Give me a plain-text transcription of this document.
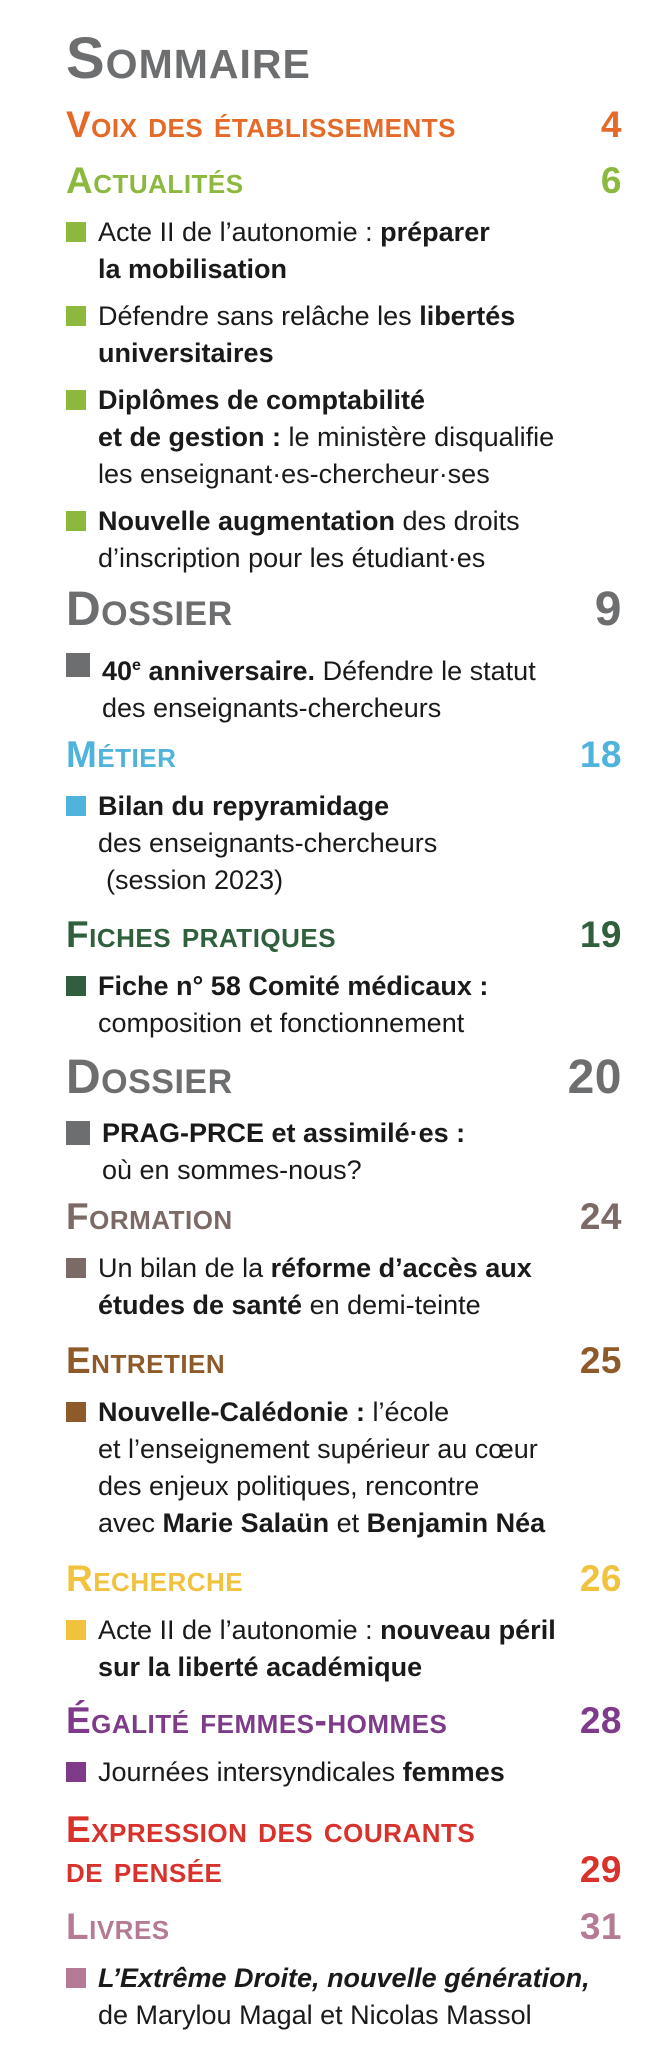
Sommaire
Voix des établissements	4
Actualités	6
Acte II de l’autonomie : préparer
la mobilisation
Défendre sans relâche les libertés
universitaires
Diplômes de comptabilité
et de gestion : le ministère disqualifie
les enseignant·es-chercheur·ses
Nouvelle augmentation des droits
d’inscription pour les étudiant·es
Dossier	9
40e anniversaire. Défendre le statut
des enseignants-chercheurs
Métier	18
Bilan du repyramidage
des enseignants-chercheurs
(session 2023)
Fiches pratiques	19
Fiche n° 58 Comité médicaux :
composition et fonctionnement
Dossier	20
PRAG-PRCE et assimilé·es :
où en sommes-nous?
Formation	24
Un bilan de la réforme d’accès aux
études de santé en demi-teinte
Entretien	25
Nouvelle-Calédonie : l’école
et l’enseignement supérieur au cœur
des enjeux politiques, rencontre
avec Marie Salaün et Benjamin Néa
Recherche	26
Acte II de l’autonomie : nouveau péril
sur la liberté académique
Égalité femmes-hommes	28
Journées intersyndicales femmes
Expression des courants
de pensée	29
Livres	31
L’Extrême Droite, nouvelle génération,
de Marylou Magal et Nicolas Massol
